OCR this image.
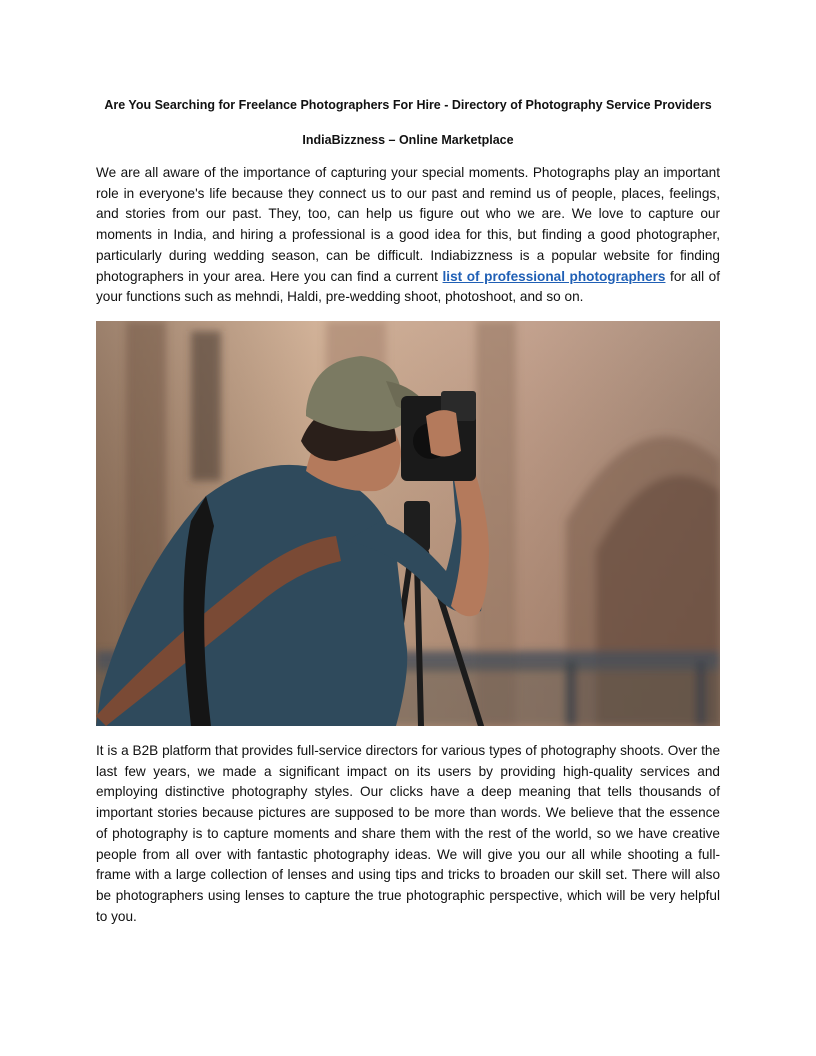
Are You Searching for Freelance Photographers For Hire - Directory of Photography Service Providers
IndiaBizzness – Online Marketplace

We are all aware of the importance of capturing your special moments. Photographs play an important role in everyone's life because they connect us to our past and remind us of people, places, feelings, and stories from our past. They, too, can help us figure out who we are. We love to capture our moments in India, and hiring a professional is a good idea for this, but finding a good photographer, particularly during wedding season, can be difficult. Indiabizzness is a popular website for finding photographers in your area. Here you can find a current list of professional photographers for all of your functions such as mehndi, Haldi, pre-wedding shoot, photoshoot, and so on.

It is a B2B platform that provides full-service directors for various types of photography shoots. Over the last few years, we made a significant impact on its users by providing high-quality services and employing distinctive photography styles. Our clicks have a deep meaning that tells thousands of important stories because pictures are supposed to be more than words. We believe that the essence of photography is to capture moments and share them with the rest of the world, so we have creative people from all over with fantastic photography ideas. We will give you our all while shooting a full-frame with a large collection of lenses and using tips and tricks to broaden our skill set. There will also be photographers using lenses to capture the true photographic perspective, which will be very helpful to you.
